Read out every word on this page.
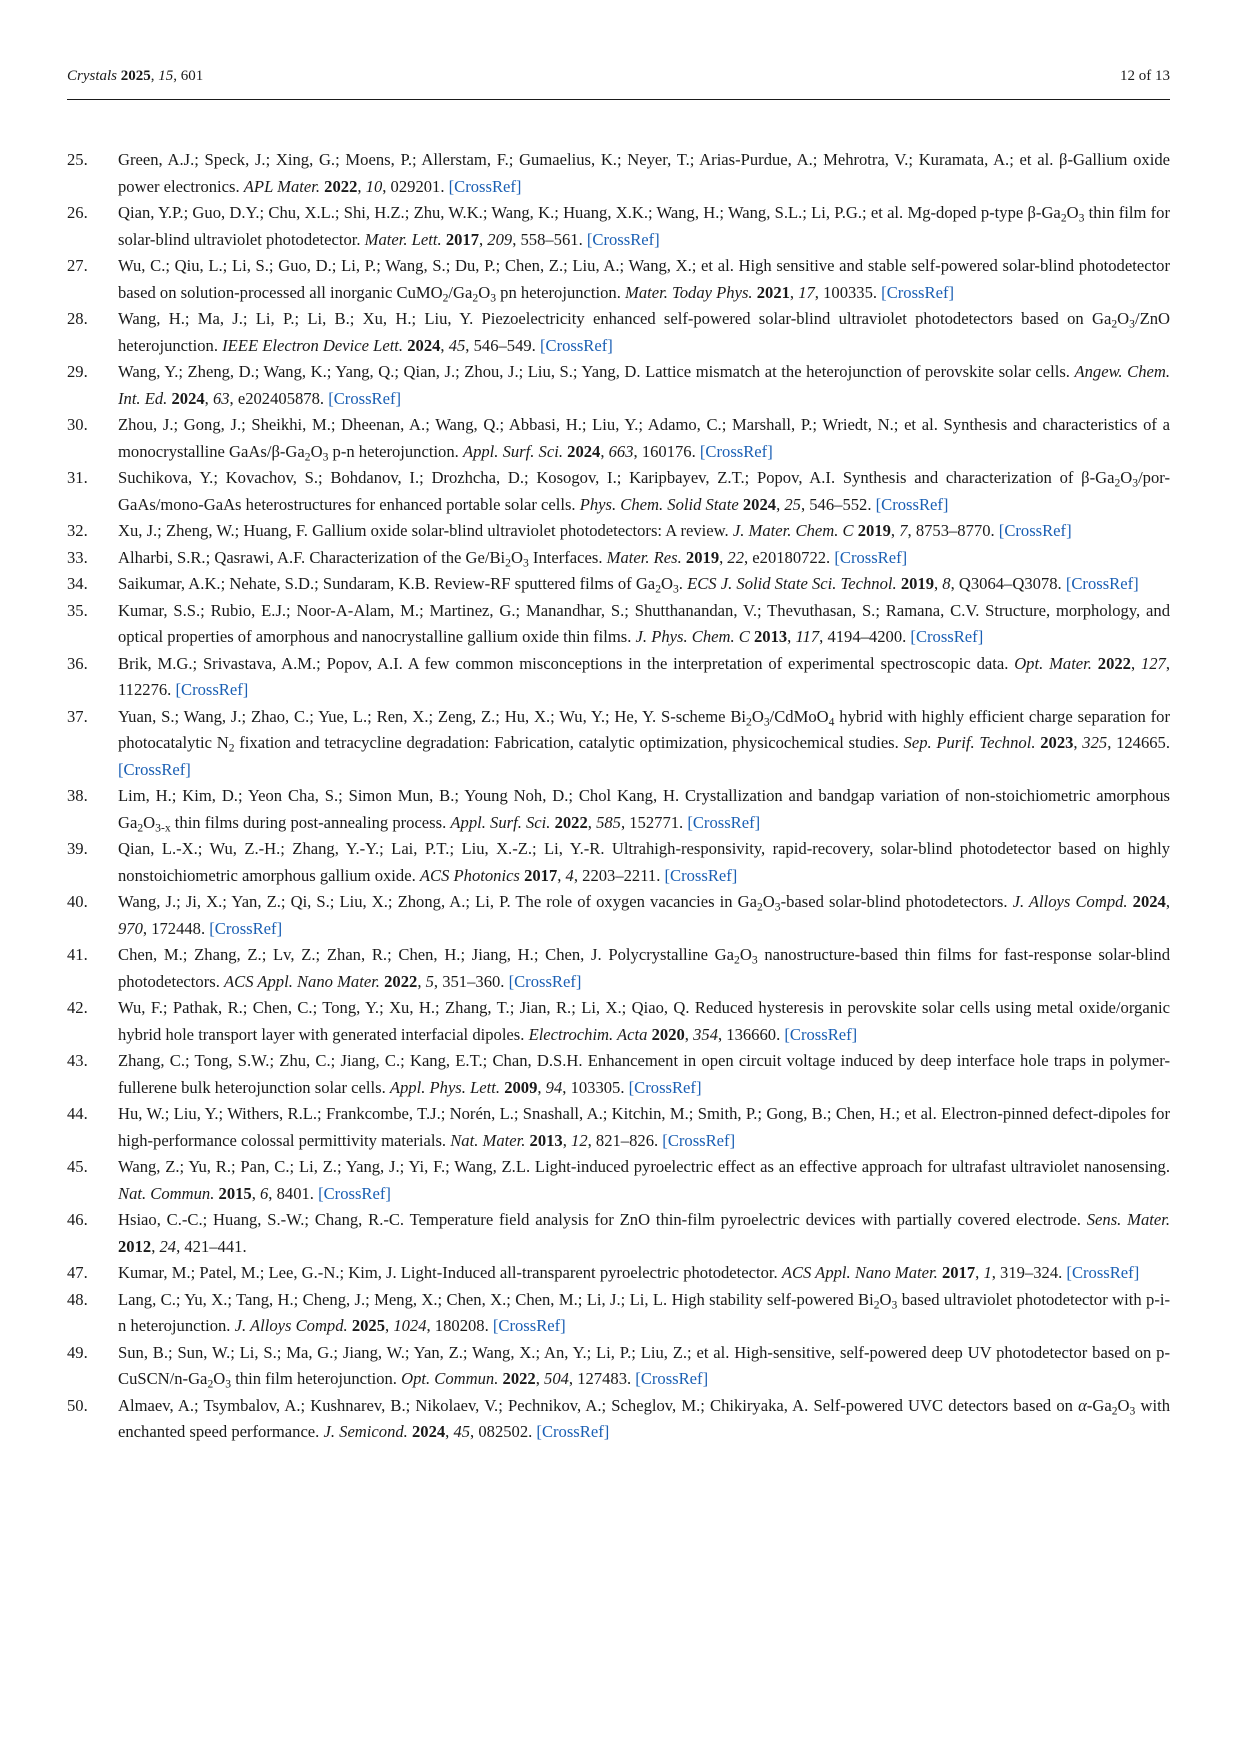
Crystals 2025, 15, 601	12 of 13
25.	Green, A.J.; Speck, J.; Xing, G.; Moens, P.; Allerstam, F.; Gumaelius, K.; Neyer, T.; Arias-Purdue, A.; Mehrotra, V.; Kuramata, A.; et al. β-Gallium oxide power electronics. APL Mater. 2022, 10, 029201. [CrossRef]
26.	Qian, Y.P.; Guo, D.Y.; Chu, X.L.; Shi, H.Z.; Zhu, W.K.; Wang, K.; Huang, X.K.; Wang, H.; Wang, S.L.; Li, P.G.; et al. Mg-doped p-type $\beta-Ga_2O_3$ thin film for solar-blind ultraviolet photodetector. Mater. Lett. 2017, 209, 558–561. [CrossRef]
27.	Wu, C.; Qiu, L.; Li, S.; Guo, D.; Li, P.; Wang, S.; Du, P.; Chen, Z.; Liu, A.; Wang, X.; et al. High sensitive and stable self-powered solar-blind photodetector based on solution-processed all inorganic $CuMO_2/Ga_2O_3$ pn heterojunction. Mater. Today Phys. 2021, 17, 100335. [CrossRef]
28.	Wang, H.; Ma, J.; Li, P.; Li, B.; Xu, H.; Liu, Y. Piezoelectricity enhanced self-powered solar-blind ultraviolet photodetectors based on $Ga_2O_3$/ZnO heterojunction. IEEE Electron Device Lett. 2024, 45, 546–549. [CrossRef]
29.	Wang, Y.; Zheng, D.; Wang, K.; Yang, Q.; Qian, J.; Zhou, J.; Liu, S.; Yang, D. Lattice mismatch at the heterojunction of perovskite solar cells. Angew. Chem. Int. Ed. 2024, 63, e202405878. [CrossRef]
30.	Zhou, J.; Gong, J.; Sheikhi, M.; Dheenan, A.; Wang, Q.; Abbasi, H.; Liu, Y.; Adamo, C.; Marshall, P.; Wriedt, N.; et al. Synthesis and characteristics of a monocrystalline GaAs/$\beta-Ga_2O_3$ p-n heterojunction. Appl. Surf. Sci. 2024, 663, 160176. [CrossRef]
31.	Suchikova, Y.; Kovachov, S.; Bohdanov, I.; Drozhcha, D.; Kosogov, I.; Karipbayev, Z.T.; Popov, A.I. Synthesis and characterization of $\beta-Ga_2O_3/por-GaAs/mono$-GaAs heterostructures for enhanced portable solar cells. Phys. Chem. Solid State 2024, 25, 546–552. [CrossRef]
32.	Xu, J.; Zheng, W.; Huang, F. Gallium oxide solar-blind ultraviolet photodetectors: A review. J. Mater. Chem. C 2019, 7, 8753–8770. [CrossRef]
33.	Alharbi, S.R.; Qasrawi, A.F. Characterization of the $Ge/Bi_2O_3$ Interfaces. Mater. Res. 2019, 22, e20180722. [CrossRef]
34.	Saikumar, A.K.; Nehate, S.D.; Sundaram, K.B. Review-RF sputtered films of $Ga_2O_3$. ECS J. Solid State Sci. Technol. 2019, 8, Q3064–Q3078. [CrossRef]
35.	Kumar, S.S.; Rubio, E.J.; Noor-A-Alam, M.; Martinez, G.; Manandhar, S.; Shutthanandan, V.; Thevuthasan, S.; Ramana, C.V. Structure, morphology, and optical properties of amorphous and nanocrystalline gallium oxide thin films. J. Phys. Chem. C 2013, 117, 4194–4200. [CrossRef]
36.	Brik, M.G.; Srivastava, A.M.; Popov, A.I. A few common misconceptions in the interpretation of experimental spectroscopic data. Opt. Mater. 2022, 127, 112276. [CrossRef]
37.	Yuan, S.; Wang, J.; Zhao, C.; Yue, L.; Ren, X.; Zeng, Z.; Hu, X.; Wu, Y.; He, Y. S-scheme $Bi_2O_3/CdMoO_4$ hybrid with highly efficient charge separation for photocatalytic $N_2$ fixation and tetracycline degradation: Fabrication, catalytic optimization, physicochemical studies. Sep. Purif. Technol. 2023, 325, 124665. [CrossRef]
38.	Lim, H.; Kim, D.; Yeon Cha, S.; Simon Mun, B.; Young Noh, D.; Chol Kang, H. Crystallization and bandgap variation of non-stoichiometric amorphous $Ga_2O_{3-x}$ thin films during post-annealing process. Appl. Surf. Sci. 2022, 585, 152771. [CrossRef]
39.	Qian, L.-X.; Wu, Z.-H.; Zhang, Y.-Y.; Lai, P.T.; Liu, X.-Z.; Li, Y.-R. Ultrahigh-responsivity, rapid-recovery, solar-blind photodetector based on highly nonstoichiometric amorphous gallium oxide. ACS Photonics 2017, 4, 2203–2211. [CrossRef]
40.	Wang, J.; Ji, X.; Yan, Z.; Qi, S.; Liu, X.; Zhong, A.; Li, P. The role of oxygen vacancies in $Ga_2O_3$-based solar-blind photodetectors. J. Alloys Compd. 2024, 970, 172448. [CrossRef]
41.	Chen, M.; Zhang, Z.; Lv, Z.; Zhan, R.; Chen, H.; Jiang, H.; Chen, J. Polycrystalline $Ga_2O_3$ nanostructure-based thin films for fast-response solar-blind photodetectors. ACS Appl. Nano Mater. 2022, 5, 351–360. [CrossRef]
42.	Wu, F.; Pathak, R.; Chen, C.; Tong, Y.; Xu, H.; Zhang, T.; Jian, R.; Li, X.; Qiao, Q. Reduced hysteresis in perovskite solar cells using metal oxide/organic hybrid hole transport layer with generated interfacial dipoles. Electrochim. Acta 2020, 354, 136660. [CrossRef]
43.	Zhang, C.; Tong, S.W.; Zhu, C.; Jiang, C.; Kang, E.T.; Chan, D.S.H. Enhancement in open circuit voltage induced by deep interface hole traps in polymer-fullerene bulk heterojunction solar cells. Appl. Phys. Lett. 2009, 94, 103305. [CrossRef]
44.	Hu, W.; Liu, Y.; Withers, R.L.; Frankcombe, T.J.; Norén, L.; Snashall, A.; Kitchin, M.; Smith, P.; Gong, B.; Chen, H.; et al. Electron-pinned defect-dipoles for high-performance colossal permittivity materials. Nat. Mater. 2013, 12, 821–826. [CrossRef]
45.	Wang, Z.; Yu, R.; Pan, C.; Li, Z.; Yang, J.; Yi, F.; Wang, Z.L. Light-induced pyroelectric effect as an effective approach for ultrafast ultraviolet nanosensing. Nat. Commun. 2015, 6, 8401. [CrossRef]
46.	Hsiao, C.-C.; Huang, S.-W.; Chang, R.-C. Temperature field analysis for ZnO thin-film pyroelectric devices with partially covered electrode. Sens. Mater. 2012, 24, 421–441.
47.	Kumar, M.; Patel, M.; Lee, G.-N.; Kim, J. Light-Induced all-transparent pyroelectric photodetector. ACS Appl. Nano Mater. 2017, 1, 319–324. [CrossRef]
48.	Lang, C.; Yu, X.; Tang, H.; Cheng, J.; Meng, X.; Chen, X.; Chen, M.; Li, J.; Li, L. High stability self-powered $Bi_2O_3$ based ultraviolet photodetector with p-i-n heterojunction. J. Alloys Compd. 2025, 1024, 180208. [CrossRef]
49.	Sun, B.; Sun, W.; Li, S.; Ma, G.; Jiang, W.; Yan, Z.; Wang, X.; An, Y.; Li, P.; Liu, Z.; et al. High-sensitive, self-powered deep UV photodetector based on $p-CuSCN/n-Ga_2O_3$ thin film heterojunction. Opt. Commun. 2022, 504, 127483. [CrossRef]
50.	Almaev, A.; Tsymbalov, A.; Kushnarev, B.; Nikolaev, V.; Pechnikov, A.; Scheglov, M.; Chikiryaka, A. Self-powered UVC detectors based on $\alpha-Ga_2O_3$ with enchanted speed performance. J. Semicond. 2024, 45, 082502. [CrossRef]
